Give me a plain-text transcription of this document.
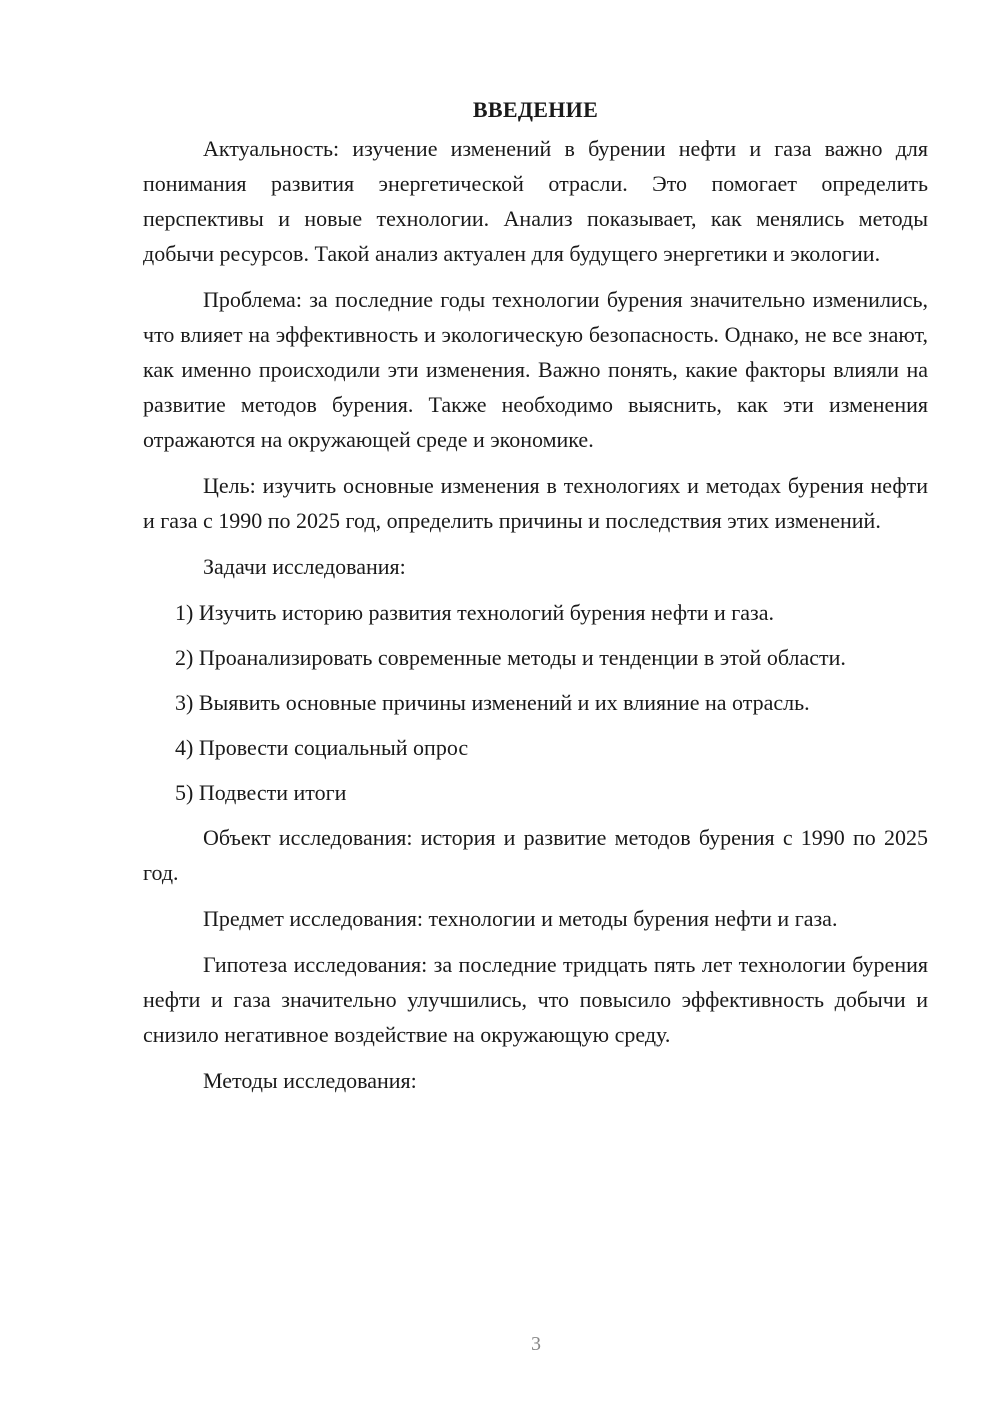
ВВЕДЕНИЕ

Актуальность: изучение изменений в бурении нефти и газа важно для понимания развития энергетической отрасли. Это помогает определить перспективы и новые технологии. Анализ показывает, как менялись методы добычи ресурсов. Такой анализ актуален для будущего энергетики и экологии.

Проблема: за последние годы технологии бурения значительно изменились, что влияет на эффективность и экологическую безопасность. Однако, не все знают, как именно происходили эти изменения. Важно понять, какие факторы влияли на развитие методов бурения. Также необходимо выяснить, как эти изменения отражаются на окружающей среде и экономике.

Цель: изучить основные изменения в технологиях и методах бурения нефти и газа с 1990 по 2025 год, определить причины и последствия этих изменений.

Задачи исследования:

1) Изучить историю развития технологий бурения нефти и газа.

2) Проанализировать современные методы и тенденции в этой области.

3) Выявить основные причины изменений и их влияние на отрасль.

4) Провести социальный опрос

5) Подвести итоги

Объект исследования: история и развитие методов бурения с 1990 по 2025 год.

Предмет исследования: технологии и методы бурения нефти и газа.

Гипотеза исследования: за последние тридцать пять лет технологии бурения нефти и газа значительно улучшились, что повысило эффективность добычи и снизило негативное воздействие на окружающую среду.

Методы исследования:

3
